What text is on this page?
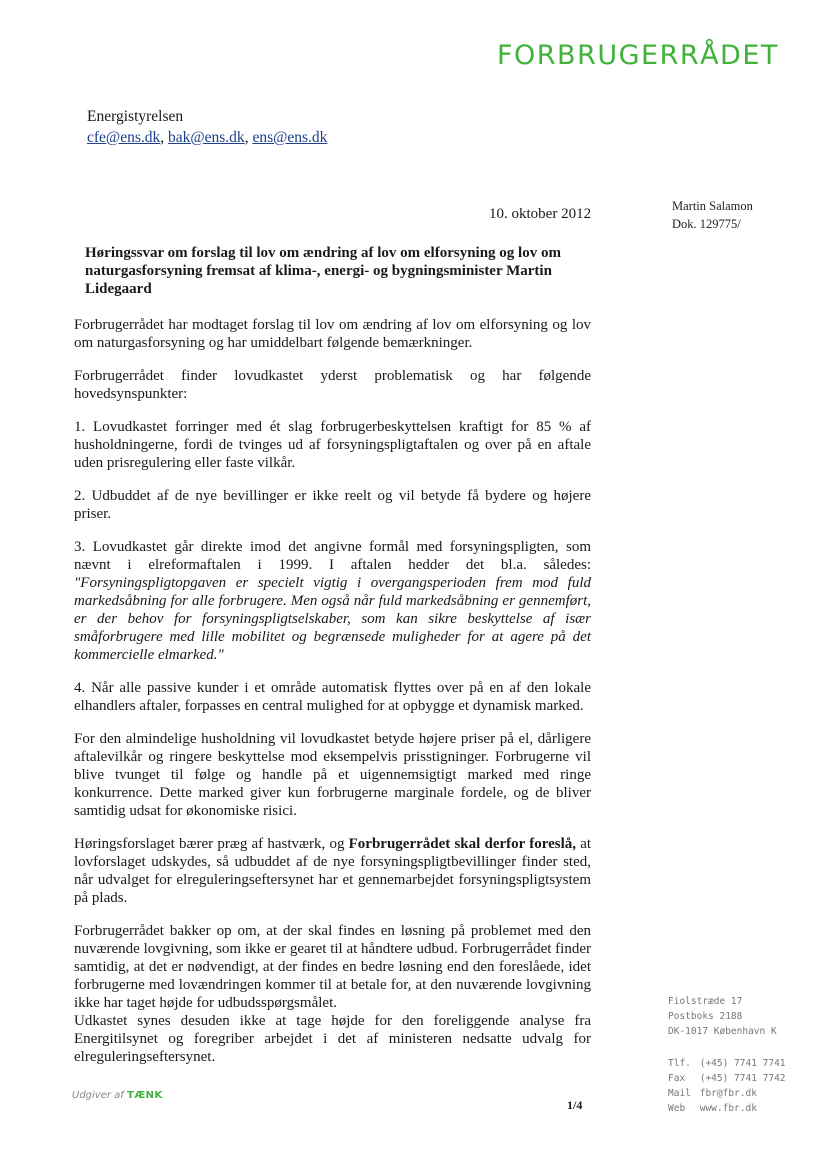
FORBRUGERRÅDET
Energistyrelsen
cfe@ens.dk, bak@ens.dk, ens@ens.dk
Martin Salamon
Dok. 129775/
10. oktober 2012

Høringssvar om forslag til lov om ændring af lov om elforsyning og lov om naturgasforsyning fremsat af klima-, energi- og bygningsminister Martin Lidegaard

Forbrugerrådet har modtaget forslag til lov om ændring af lov om elforsyning og lov om naturgasforsyning og har umiddelbart følgende bemærkninger.

Forbrugerrådet finder lovudkastet yderst problematisk og har følgende hovedsynspunkter:

1. Lovudkastet forringer med ét slag forbrugerbeskyttelsen kraftigt for 85 % af husholdningerne, fordi de tvinges ud af forsyningspligtaftalen og over på en aftale uden prisregulering eller faste vilkår.

2. Udbuddet af de nye bevillinger er ikke reelt og vil betyde få bydere og højere priser.

3. Lovudkastet går direkte imod det angivne formål med forsyningspligten, som nævnt i elreformaftalen i 1999. I aftalen hedder det bl.a. således: "Forsyningspligtopgaven er specielt vigtig i overgangsperioden frem mod fuld markedsåbning for alle forbrugere. Men også når fuld markedsåbning er gennemført, er der behov for forsyningspligtselskaber, som kan sikre beskyttelse af især småforbrugere med lille mobilitet og begrænsede muligheder for at agere på det kommercielle elmarked."

4. Når alle passive kunder i et område automatisk flyttes over på en af den lokale elhandlers aftaler, forpasses en central mulighed for at opbygge et dynamisk marked.

For den almindelige husholdning vil lovudkastet betyde højere priser på el, dårligere aftalevilkår og ringere beskyttelse mod eksempelvis prisstigninger. Forbrugerne vil blive tvunget til følge og handle på et uigennemsigtigt marked med ringe konkurrence. Dette marked giver kun forbrugerne marginale fordele, og de bliver samtidig udsat for økonomiske risici.

Høringsforslaget bærer præg af hastværk, og Forbrugerrådet skal derfor foreslå, at lovforslaget udskydes, så udbuddet af de nye forsyningspligtbevillinger finder sted, når udvalget for elreguleringseftersynet har et gennemarbejdet forsyningspligtsystem på plads.

Forbrugerrådet bakker op om, at der skal findes en løsning på problemet med den nuværende lovgivning, som ikke er gearet til at håndtere udbud. Forbrugerrådet finder samtidig, at det er nødvendigt, at der findes en bedre løsning end den foreslåede, idet forbrugerne med lovændringen kommer til at betale for, at den nuværende lovgivning ikke har taget højde for udbudsspørgsmålet.

Udkastet synes desuden ikke at tage højde for den foreliggende analyse fra Energitilsynet og foregriber arbejdet i det af ministeren nedsatte udvalg for elreguleringseftersynet.

Udgiver af TÆNK
1/4
Fiolstræde 17
Postboks 2188
DK-1017 København K
Tlf. (+45) 7741 7741
Fax (+45) 7741 7742
Mail fbr@fbr.dk
Web www.fbr.dk
